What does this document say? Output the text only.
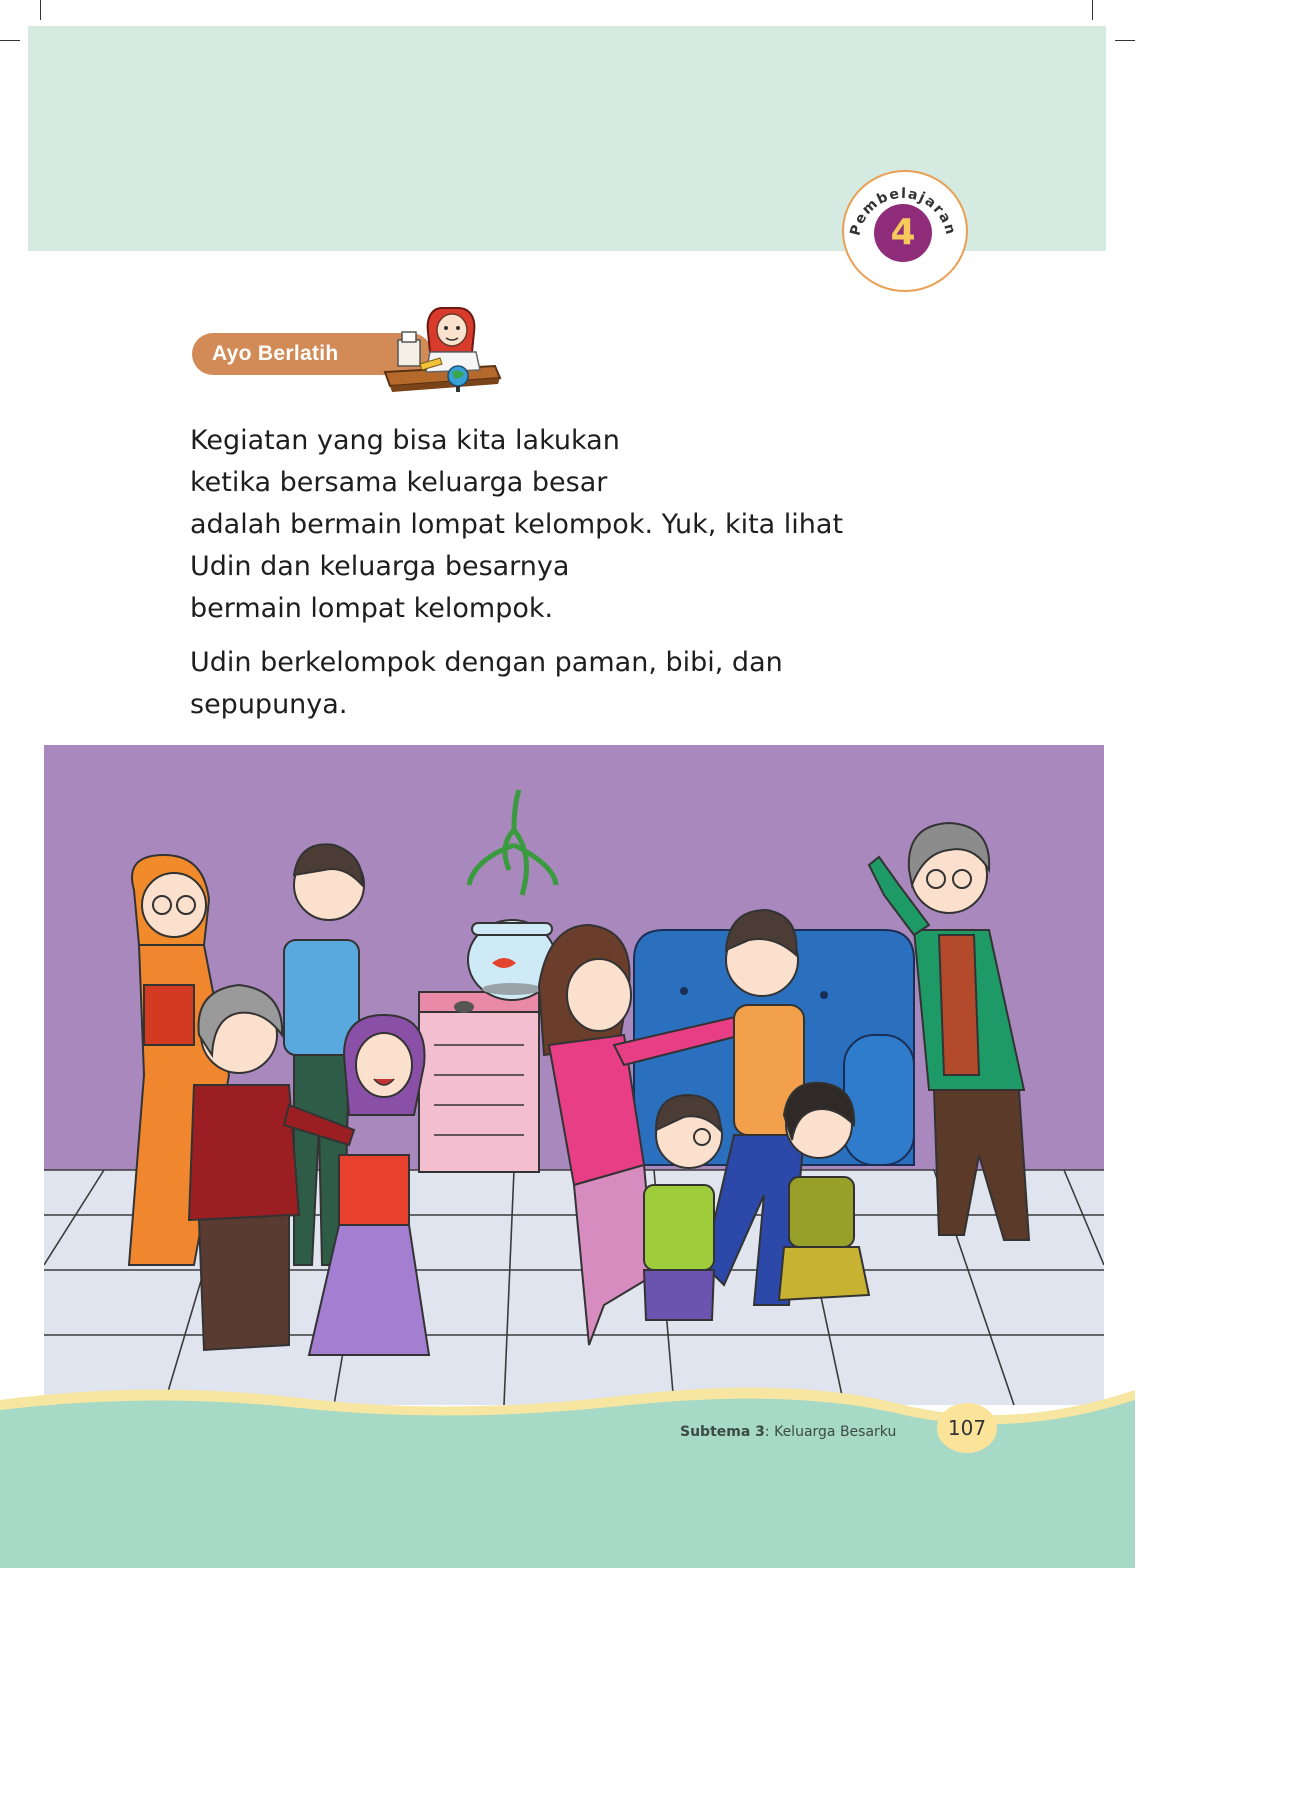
Pembelajaran
4
Ayo Berlatih

Kegiatan yang bisa kita lakukan
ketika bersama keluarga besar
adalah bermain lompat kelompok. Yuk, kita lihat
Udin dan keluarga besarnya
bermain lompat kelompok.

Udin berkelompok dengan paman, bibi, dan
sepupunya.

Subtema 3: Keluarga Besarku	107
